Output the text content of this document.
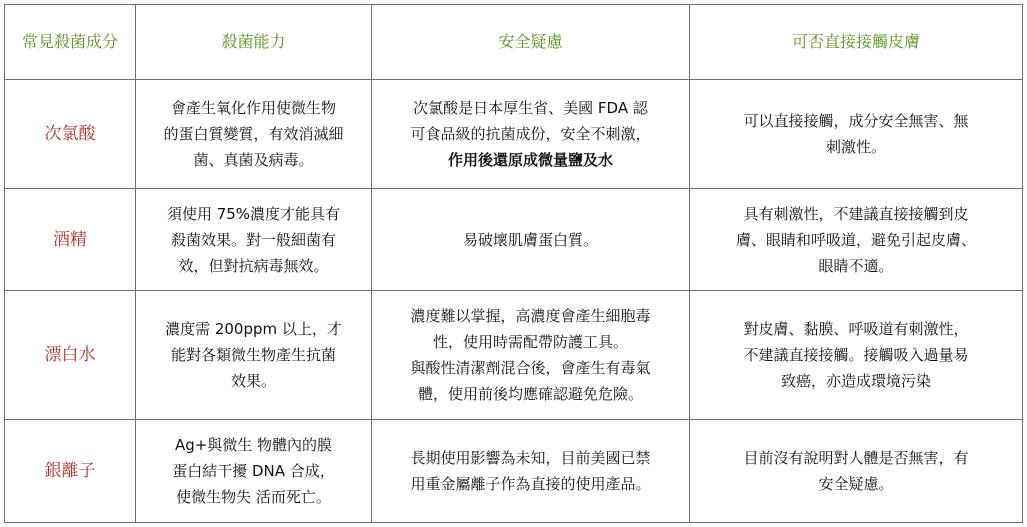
常見殺菌成分	殺菌能力	安全疑慮	可否直接接觸皮膚
次氯酸	會產生氧化作用使微生物
的蛋白質變質，有效消滅細
菌、真菌及病毒。	次氯酸是日本厚生省、美國 FDA 認
可食品級的抗菌成份，安全不刺激，
作用後還原成微量鹽及水	可以直接接觸，成分安全無害、無
刺激性。

酒精	須使用 75%濃度才能具有
殺菌效果。對一般細菌有
效，但對抗病毒無效。	易破壞肌膚蛋白質。	具有刺激性，不建議直接接觸到皮
膚、眼睛和呼吸道，避免引起皮膚、
眼睛不適。

漂白水	濃度需 200ppm 以上，才
能對各類微生物產生抗菌
效果。	濃度難以掌握，高濃度會產生細胞毒
性，使用時需配帶防護工具。
與酸性清潔劑混合後，會產生有毒氣
體，使用前後均應確認避免危險。	對皮膚、黏膜、呼吸道有刺激性，
不建議直接接觸。接觸吸入過量易
致癌，亦造成環境污染

銀離子	Ag+與微生 物體內的膜
蛋白結干擾 DNA 合成，
使微生物失 活而死亡。	長期使用影響為未知，目前美國已禁
用重金屬離子作為直接的使用產品。	目前沒有說明對人體是否無害，有
安全疑慮。
